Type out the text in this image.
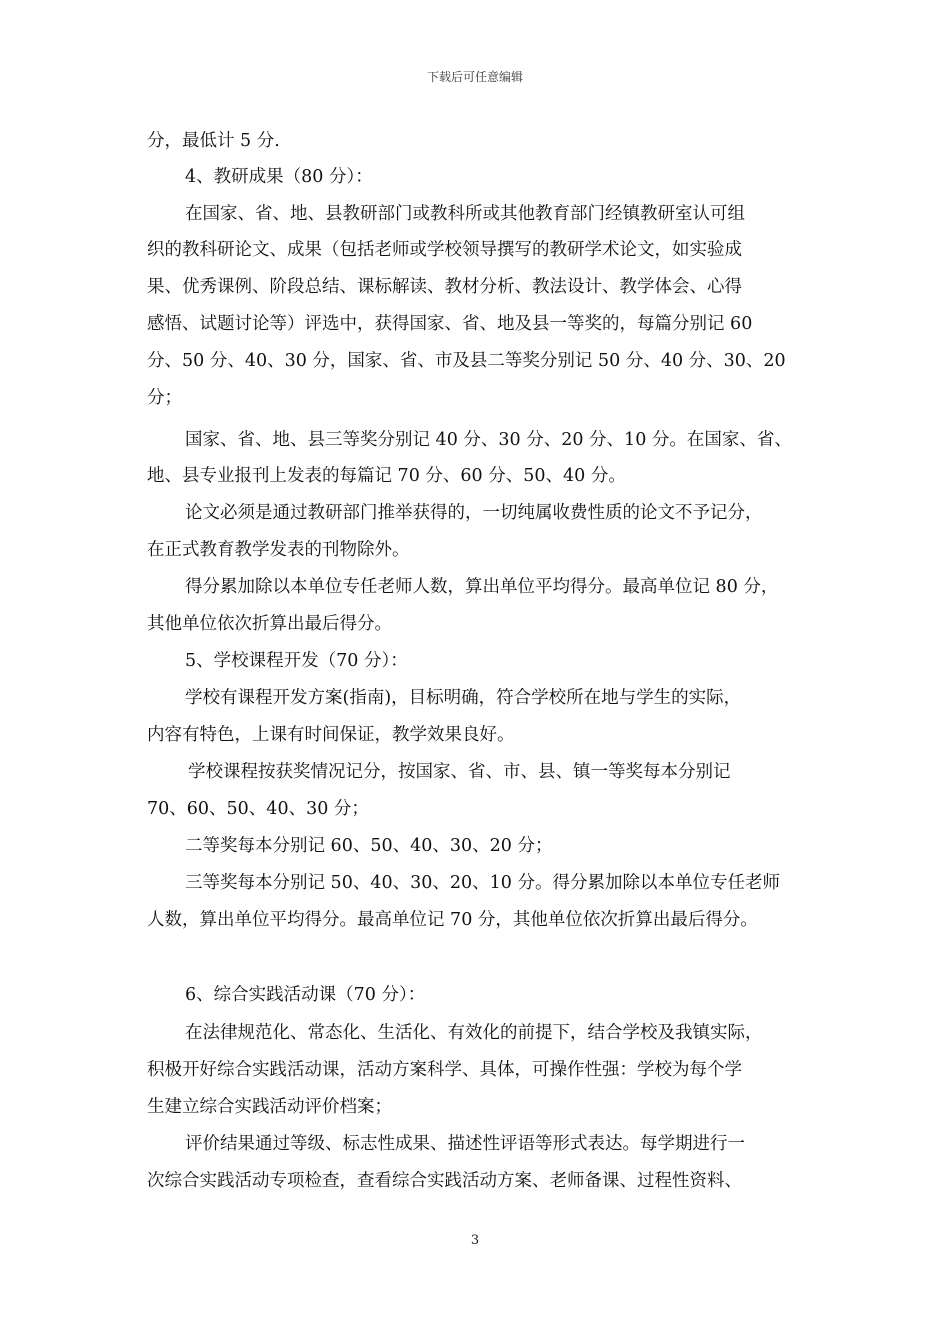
下载后可任意编辑
分，最低计 5 分.
4、教研成果（80 分）：
在国家、省、地、县教研部门或教科所或其他教育部门经镇教研室认可组
织的教科研论文、成果（包括老师或学校领导撰写的教研学术论文，如实验成
果、优秀课例、阶段总结、课标解读、教材分析、教法设计、教学体会、心得
感悟、试题讨论等）评选中，获得国家、省、地及县一等奖的，每篇分别记 60
分、50 分、40、30 分，国家、省、市及县二等奖分别记 50 分、40 分、30、20
分；
国家、省、地、县三等奖分别记 40 分、30 分、20 分、10 分。在国家、省、
地、县专业报刊上发表的每篇记 70 分、60 分、50、40 分。
论文必须是通过教研部门推举获得的，一切纯属收费性质的论文不予记分，
在正式教育教学发表的刊物除外。
得分累加除以本单位专任老师人数，算出单位平均得分。最高单位记 80 分，
其他单位依次折算出最后得分。
5、学校课程开发（70 分）：
学校有课程开发方案(指南)，目标明确，符合学校所在地与学生的实际，
内容有特色，上课有时间保证，教学效果良好。
学校课程按获奖情况记分，按国家、省、市、县、镇一等奖每本分别记
70、60、50、40、30 分；
二等奖每本分别记 60、50、40、30、20 分；
三等奖每本分别记 50、40、30、20、10 分。得分累加除以本单位专任老师
人数，算出单位平均得分。最高单位记 70 分，其他单位依次折算出最后得分。
6、综合实践活动课（70 分）：
在法律规范化、常态化、生活化、有效化的前提下，结合学校及我镇实际，
积极开好综合实践活动课，活动方案科学、具体，可操作性强：学校为每个学
生建立综合实践活动评价档案；
评价结果通过等级、标志性成果、描述性评语等形式表达。每学期进行一
次综合实践活动专项检查，查看综合实践活动方案、老师备课、过程性资料、
3
